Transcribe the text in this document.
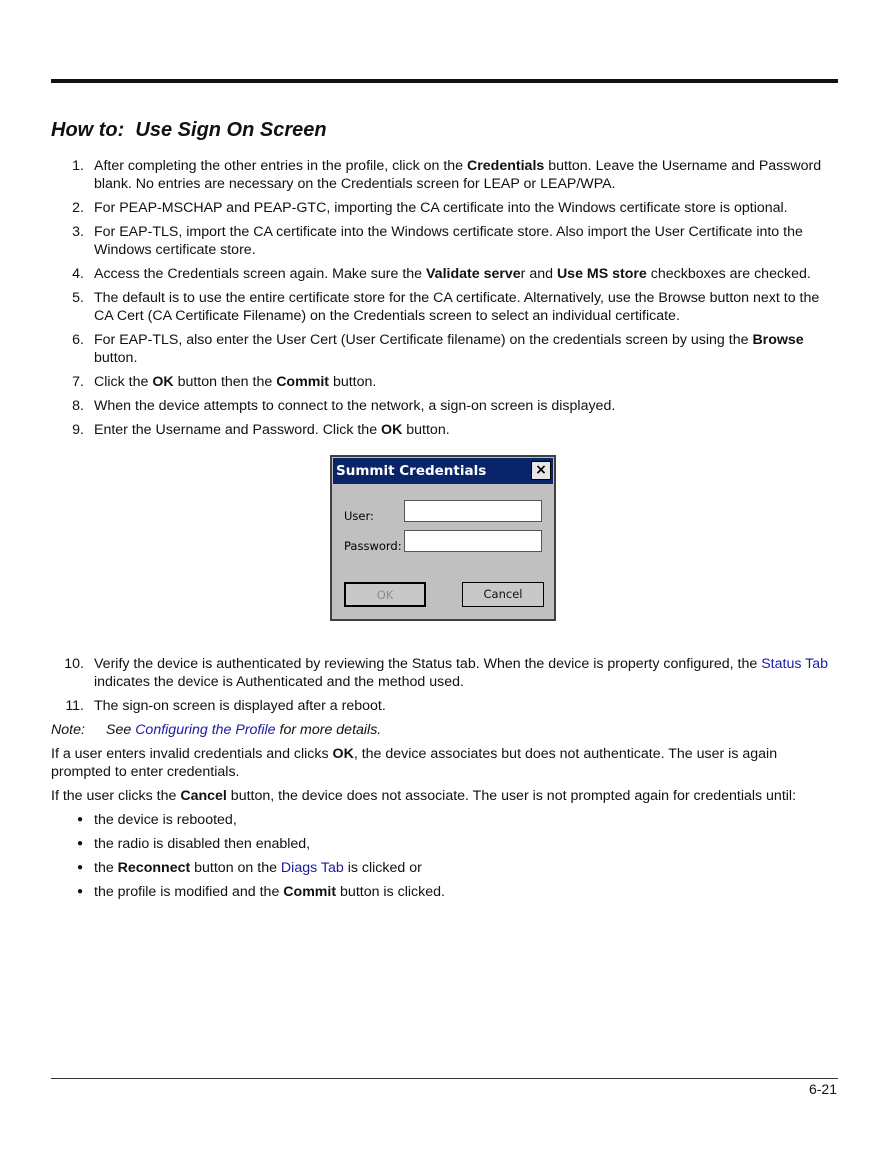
How to:  Use Sign On Screen
1. After completing the other entries in the profile, click on the Credentials button. Leave the Username and Password blank. No entries are necessary on the Credentials screen for LEAP or LEAP/WPA.
2. For PEAP-MSCHAP and PEAP-GTC, importing the CA certificate into the Windows certificate store is optional.
3. For EAP-TLS, import the CA certificate into the Windows certificate store. Also import the User Certificate into the Windows certificate store.
4. Access the Credentials screen again. Make sure the Validate server and Use MS store checkboxes are checked.
5. The default is to use the entire certificate store for the CA certificate. Alternatively, use the Browse button next to the CA Cert (CA Certificate Filename) on the Credentials screen to select an individual certificate.
6. For EAP-TLS, also enter the User Cert (User Certificate filename) on the credentials screen by using the Browse button.
7. Click the OK button then the Commit button.
8. When the device attempts to connect to the network, a sign-on screen is displayed.
9. Enter the Username and Password. Click the OK button.
Summit Credentials	×
User:
Password:
OK	Cancel
10. Verify the device is authenticated by reviewing the Status tab. When the device is property configured, the Status Tab indicates the device is Authenticated and the method used.
11. The sign-on screen is displayed after a reboot.
Note: See Configuring the Profile for more details.

If a user enters invalid credentials and clicks OK, the device associates but does not authenticate. The user is again prompted to enter credentials.

If the user clicks the Cancel button, the device does not associate. The user is not prompted again for credentials until:

● the device is rebooted,
● the radio is disabled then enabled,
● the Reconnect button on the Diags Tab is clicked or
● the profile is modified and the Commit button is clicked.
6-21
